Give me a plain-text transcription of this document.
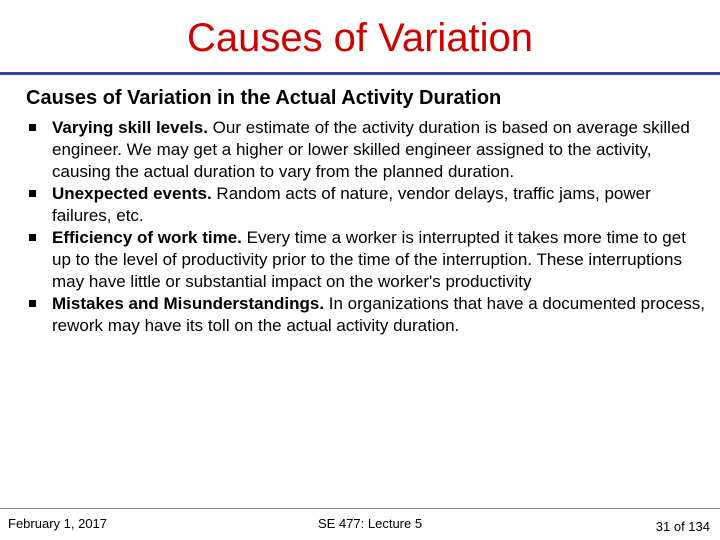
Causes of Variation
Causes of Variation in the Actual Activity Duration
Varying skill levels. Our estimate of the activity duration is based on average skilled engineer. We may get a higher or lower skilled engineer assigned to the activity, causing the actual duration to vary from the planned duration.
Unexpected events. Random acts of nature, vendor delays, traffic jams, power failures, etc.
Efficiency of work time. Every time a worker is interrupted it takes more time to get up to the level of productivity prior to the time of the interruption. These interruptions may have little or substantial impact on the worker's productivity
Mistakes and Misunderstandings. In organizations that have a documented process, rework may have its toll on the actual activity duration.
February 1, 2017	SE 477: Lecture 5	31 of 134
